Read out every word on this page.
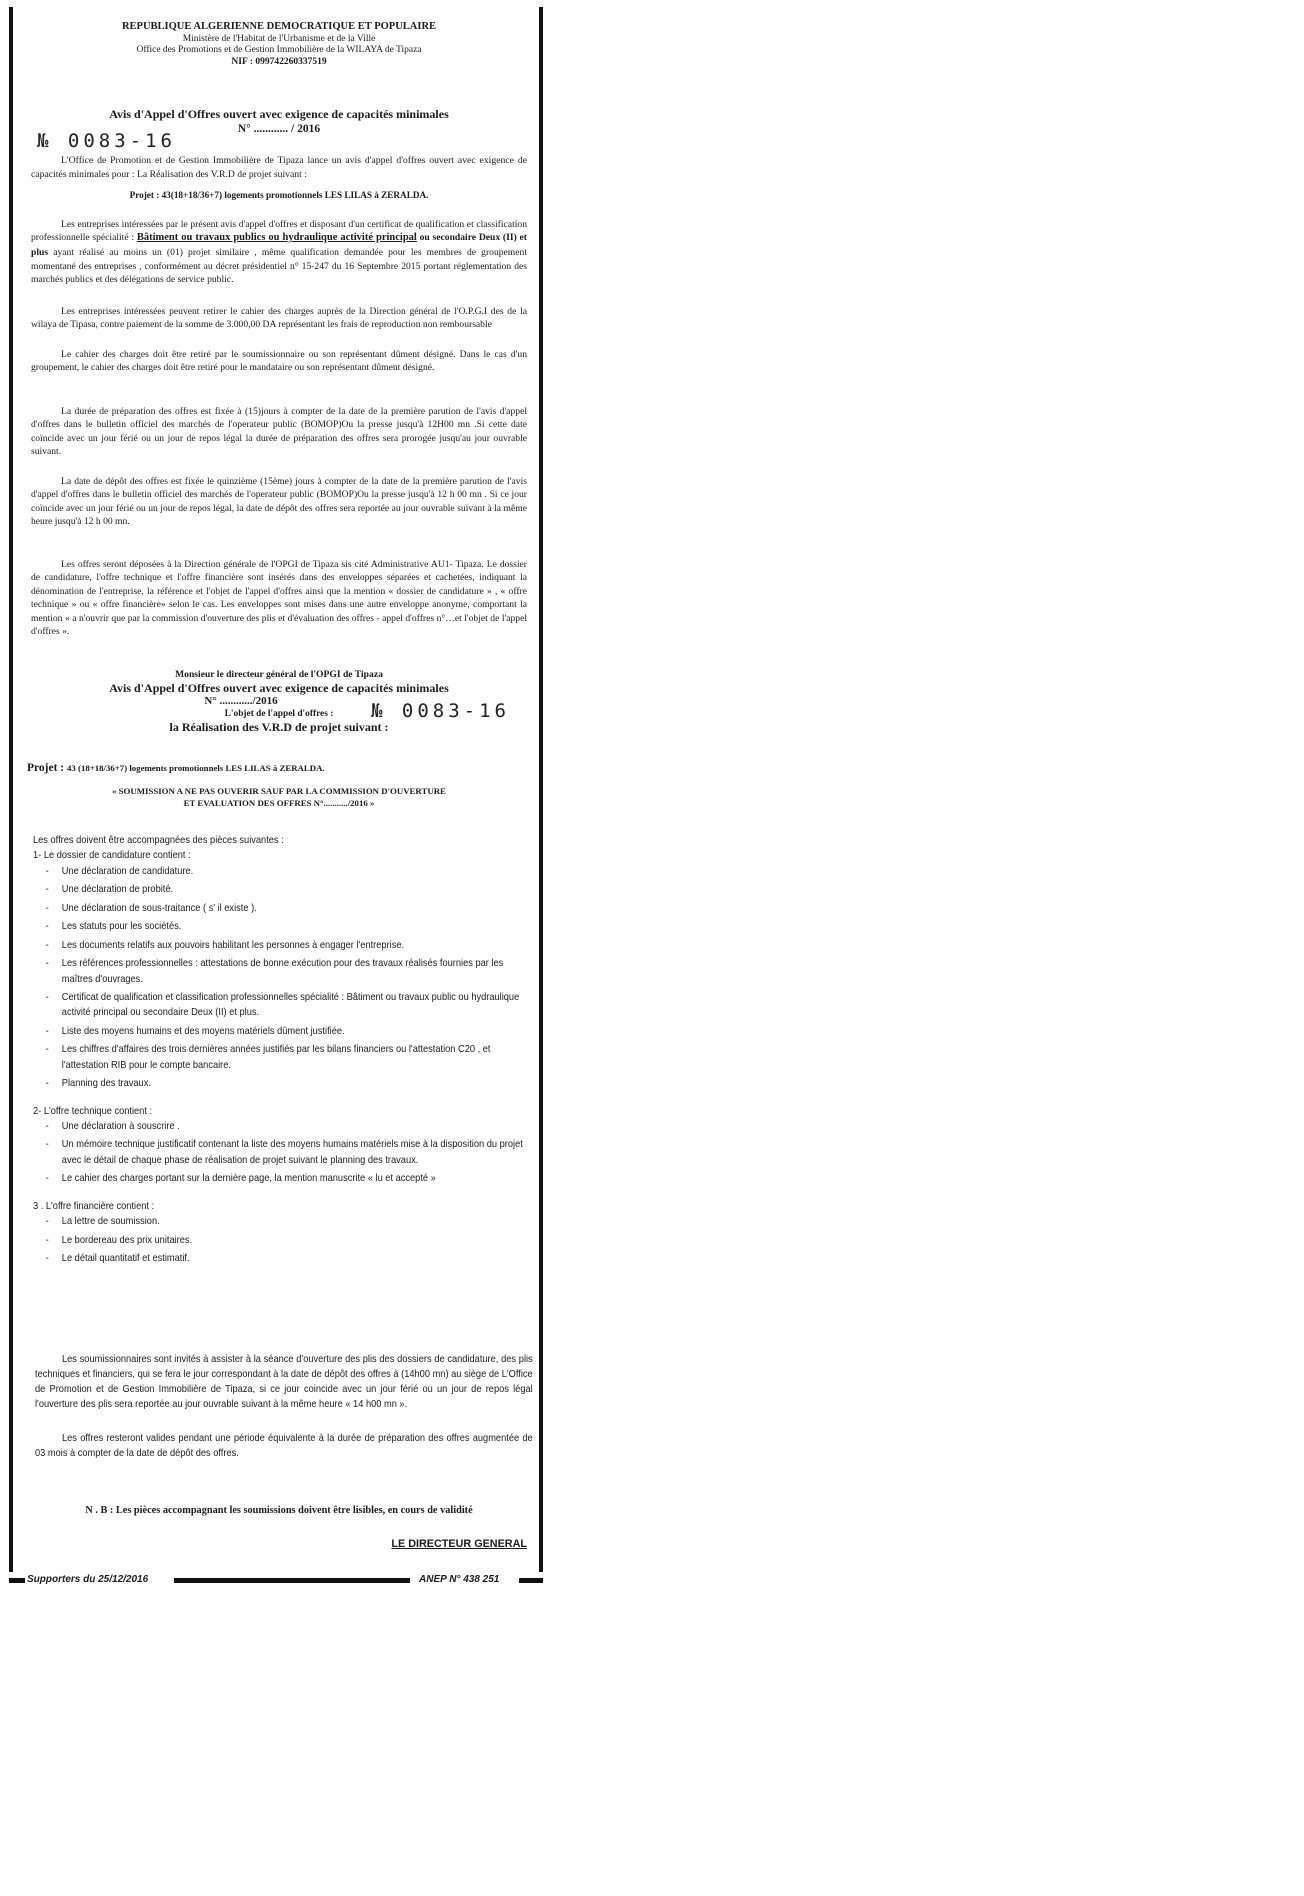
REPUBLIQUE ALGERIENNE DEMOCRATIQUE ET POPULAIRE

Ministère de l'Habitat de l'Urbanisme et de la Ville

Office des Promotions et de Gestion Immobilière de la WILAYA de Tipaza

NIF : 099742260337519

Avis d'Appel d'Offres ouvert avec exigence de capacités minimales

N° ............ / 2016

№ 0083-16

L'Office de Promotion et de Gestion Immobilière de Tipaza lance un avis d'appel d'offres ouvert avec exigence de capacités minimales pour : La Réalisation des V.R.D de projet suivant :

Projet : 43(18+18/36+7) logements promotionnels LES LILAS à ZERALDA.

Les entreprises intéressées par le présent avis d'appel d'offres et disposant d'un certificat de qualification et classification professionnelle spécialité : Bâtiment ou travaux publics ou hydraulique activité principal ou secondaire Deux (II) et plus ayant réalisé au moins un (01) projet similaire , même qualification demandée pour les membres de groupement momentané des entreprises , conformément au décret présidentiel n° 15-247 du 16 Septembre 2015 portant réglementation des marchés publics et des délégations de service public.

Les entreprises intéressées peuvent retirer le cahier des charges auprès de la Direction général de l'O.P.G.I des de la wilaya de Tipasa, contre paiement de la somme de 3.000,00 DA représentant les frais de reproduction non remboursable

Le cahier des charges doit être retiré par le soumissionnaire ou son représentant dûment désigné. Dans le cas d'un groupement, le cahier des charges doit être retiré pour le mandataire ou son représentant dûment désigné.

La durée de préparation des offres est fixée à (15)jours à compter de la date de la première parution de l'avis d'appel d'offres dans le bulletin officiel des marchés de l'operateur public (BOMOP)Ou la presse jusqu'à 12H00 mn .Si cette date coïncide avec un jour férié ou un jour de repos légal la durée de préparation des offres sera prorogée jusqu'au jour ouvrable suivant.

La date de dépôt des offres est fixée le quinzième (15ème) jours à compter de la date de la première parution de l'avis d'appel d'offres dans le bulletin officiel des marchés de l'operateur public (BOMOP)Ou la presse jusqu'à 12 h 00 mn . Si ce jour coïncide avec un jour férié ou un jour de repos légal, la date de dépôt des offres sera reportée au jour ouvrable suivant à la même heure jusqu'à 12 h 00 mn.

Les offres seront déposées à la Direction générale de l'OPGI de Tipaza sis cité Administrative AU1- Tipaza. Le dossier de candidature, l'offre technique et l'offre financière sont insérés dans des enveloppes séparées et cachetées, indiquant la dénomination de l'entreprise, la référence et l'objet de l'appel d'offres ainsi que la mention « dossier de candidature » , « offre technique » ou « offre financière» selon le cas. Les enveloppes sont mises dans une autre enveloppe anonyme, comportant la mention « a n'ouvrir que par la commission d'ouverture des plis et d'évaluation des offres - appel d'offres n°…et l'objet de l'appel d'offres ».

Monsieur le directeur général de l'OPGI de Tipaza

Avis d'Appel d'Offres ouvert avec exigence de capacités minimales

N° ............/2016

L'objet de l'appel d'offres :

la Réalisation des V.R.D de projet suivant :

№ 0083-16

Projet : 43 (18+18/36+7) logements promotionnels LES LILAS à ZERALDA.

« SOUMISSION A NE PAS OUVERIR SAUF PAR LA COMMISSION D'OUVERTURE

ET EVALUATION DES OFFRES N°.........../2016 »

Les offres doivent être accompagnées des pièces suivantes :

1- Le dossier de candidature contient :

- Une déclaration de candidature.
- Une déclaration de probité.
- Une déclaration de sous-traitance ( s' il existe ).
- Les statuts pour les sociétés.
- Les documents relatifs aux pouvoirs habilitant les personnes à engager l'entreprise.
- Les références professionnelles : attestations de bonne exécution pour des travaux réalisés fournies par les maîtres d'ouvrages.
- Certificat de qualification et classification professionnelles spécialité : Bâtiment ou travaux public ou hydraulique activité principal ou secondaire Deux (II) et plus.
- Liste des moyens humains et des moyens matériels dûment justifiée.
- Les chiffres d'affaires des trois dernières années justifiés par les bilans financiers ou l'attestation C20 , et l'attestation RIB pour le compte bancaire.
- Planning des travaux.

2- L'offre technique contient :

- Une déclaration à souscrire .
- Un mémoire technique justificatif contenant la liste des moyens humains matériels mise à la disposition du projet avec le détail de chaque phase de réalisation de projet suivant le planning des travaux.
- Le cahier des charges portant sur la dernière page, la mention manuscrite « lu et accepté »

3 . L'offre financière contient :

- La lettre de soumission.
- Le bordereau des prix unitaires.
- Le détail quantitatif et estimatif.

Les soumissionnaires sont invités à assister à la séance d'ouverture des plis des dossiers de candidature, des plis techniques et financiers, qui se fera le jour correspondant à la date de dépôt des offres à (14h00 mn) au siège de L'Office de Promotion et de Gestion Immobilière de Tipaza, si ce jour coincide avec un jour férié ou un jour de repos légal l'ouverture des plis sera reportée au jour ouvrable suivant à la même heure « 14 h00 mn ».

Les offres resteront valides pendant une période équivalente à la durée de préparation des offres augmentée de 03 mois à compter de la date de dépôt des offres.

N . B : Les pièces accompagnant les soumissions doivent être lisibles, en cours de validité

LE DIRECTEUR GENERAL

Supporters du 25/12/2016	ANEP N° 438 251
